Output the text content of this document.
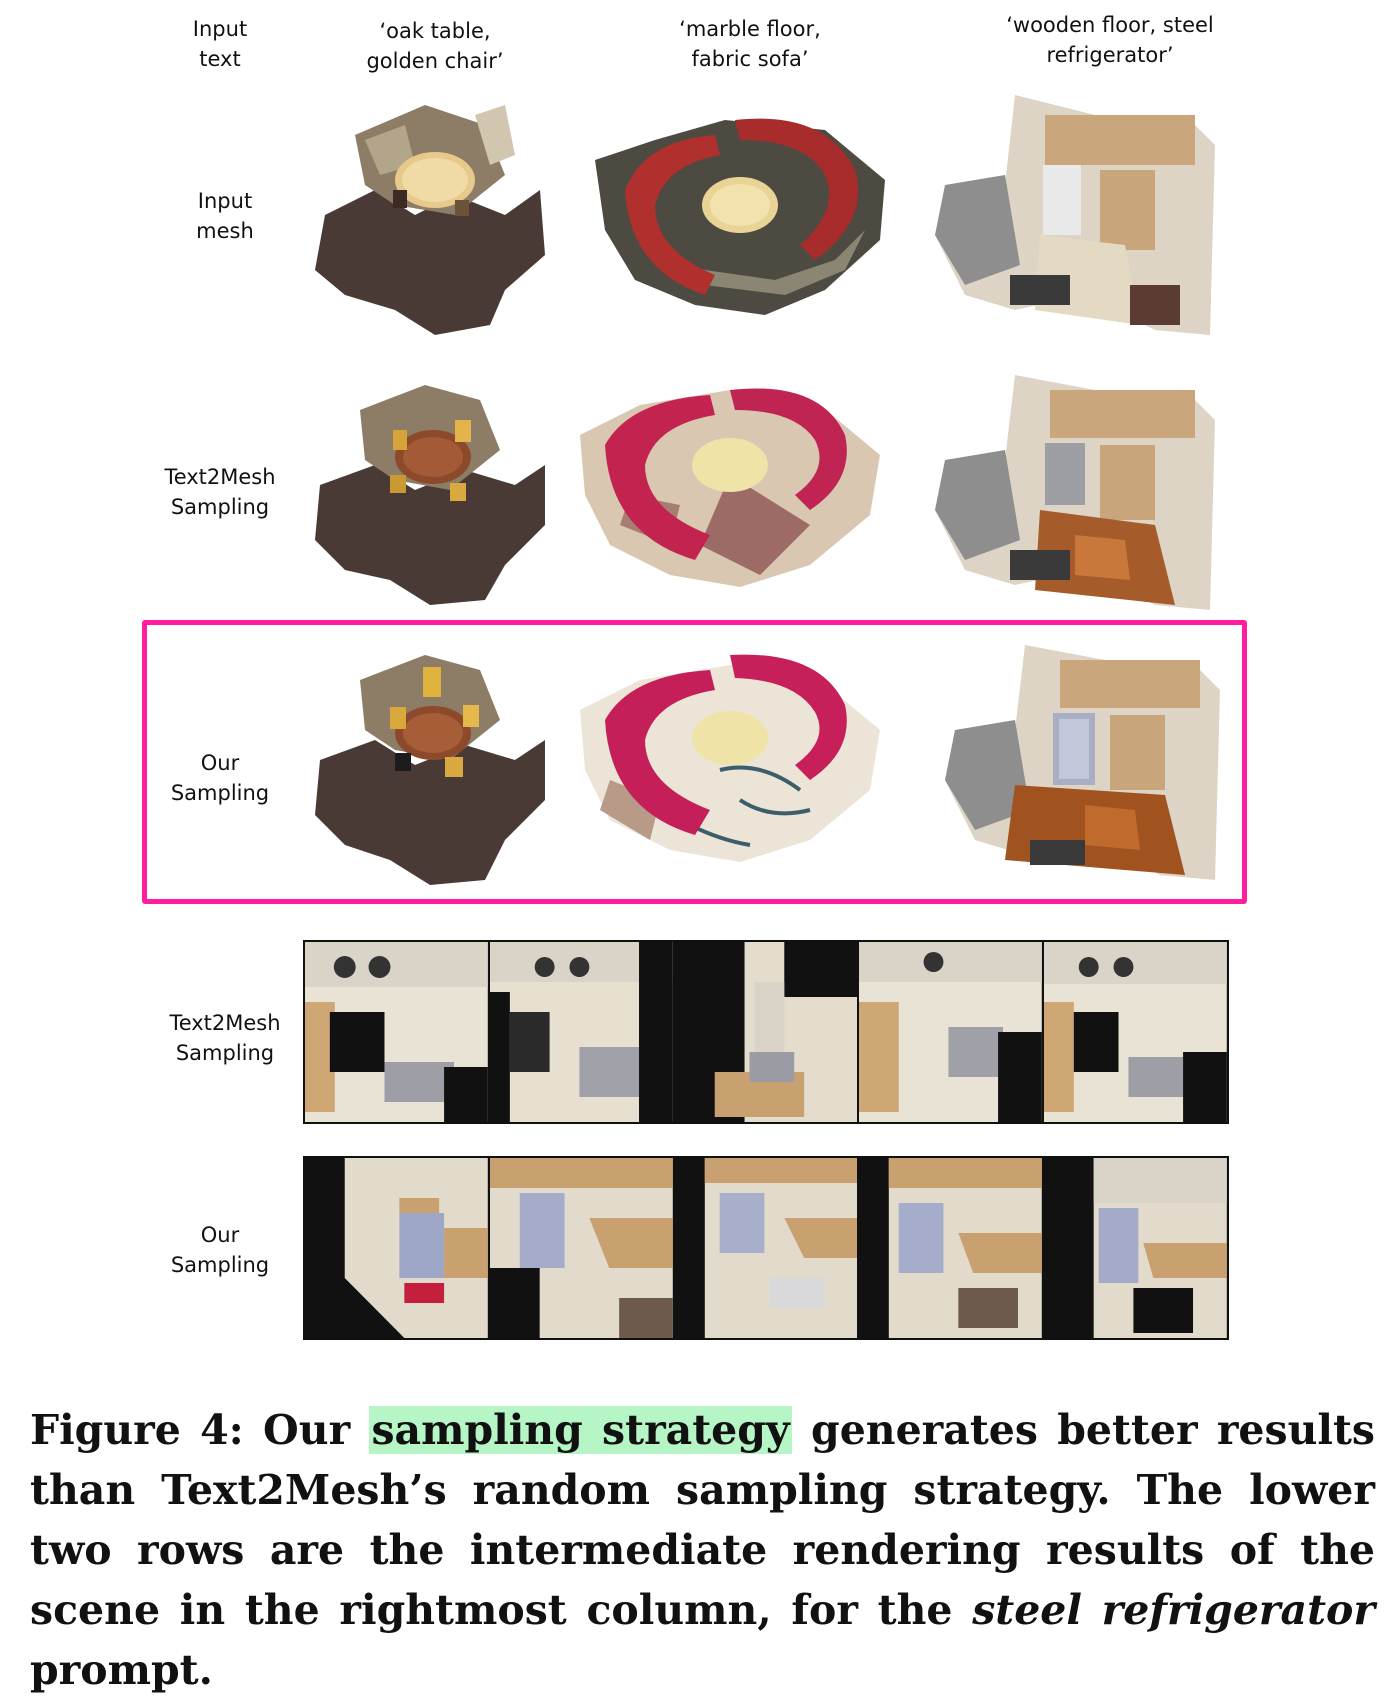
Input
text
‘oak table,
golden chair’
‘marble floor,
fabric sofa’
‘wooden floor, steel
refrigerator’
Input
mesh
Text2Mesh
Sampling
Our
Sampling
Text2Mesh
Sampling
Our
Sampling
Figure 4: Our sampling strategy generates better results than Text2Mesh’s random sampling strategy. The lower two rows are the intermediate rendering results of the scene in the rightmost column, for the steel refrigerator prompt.
